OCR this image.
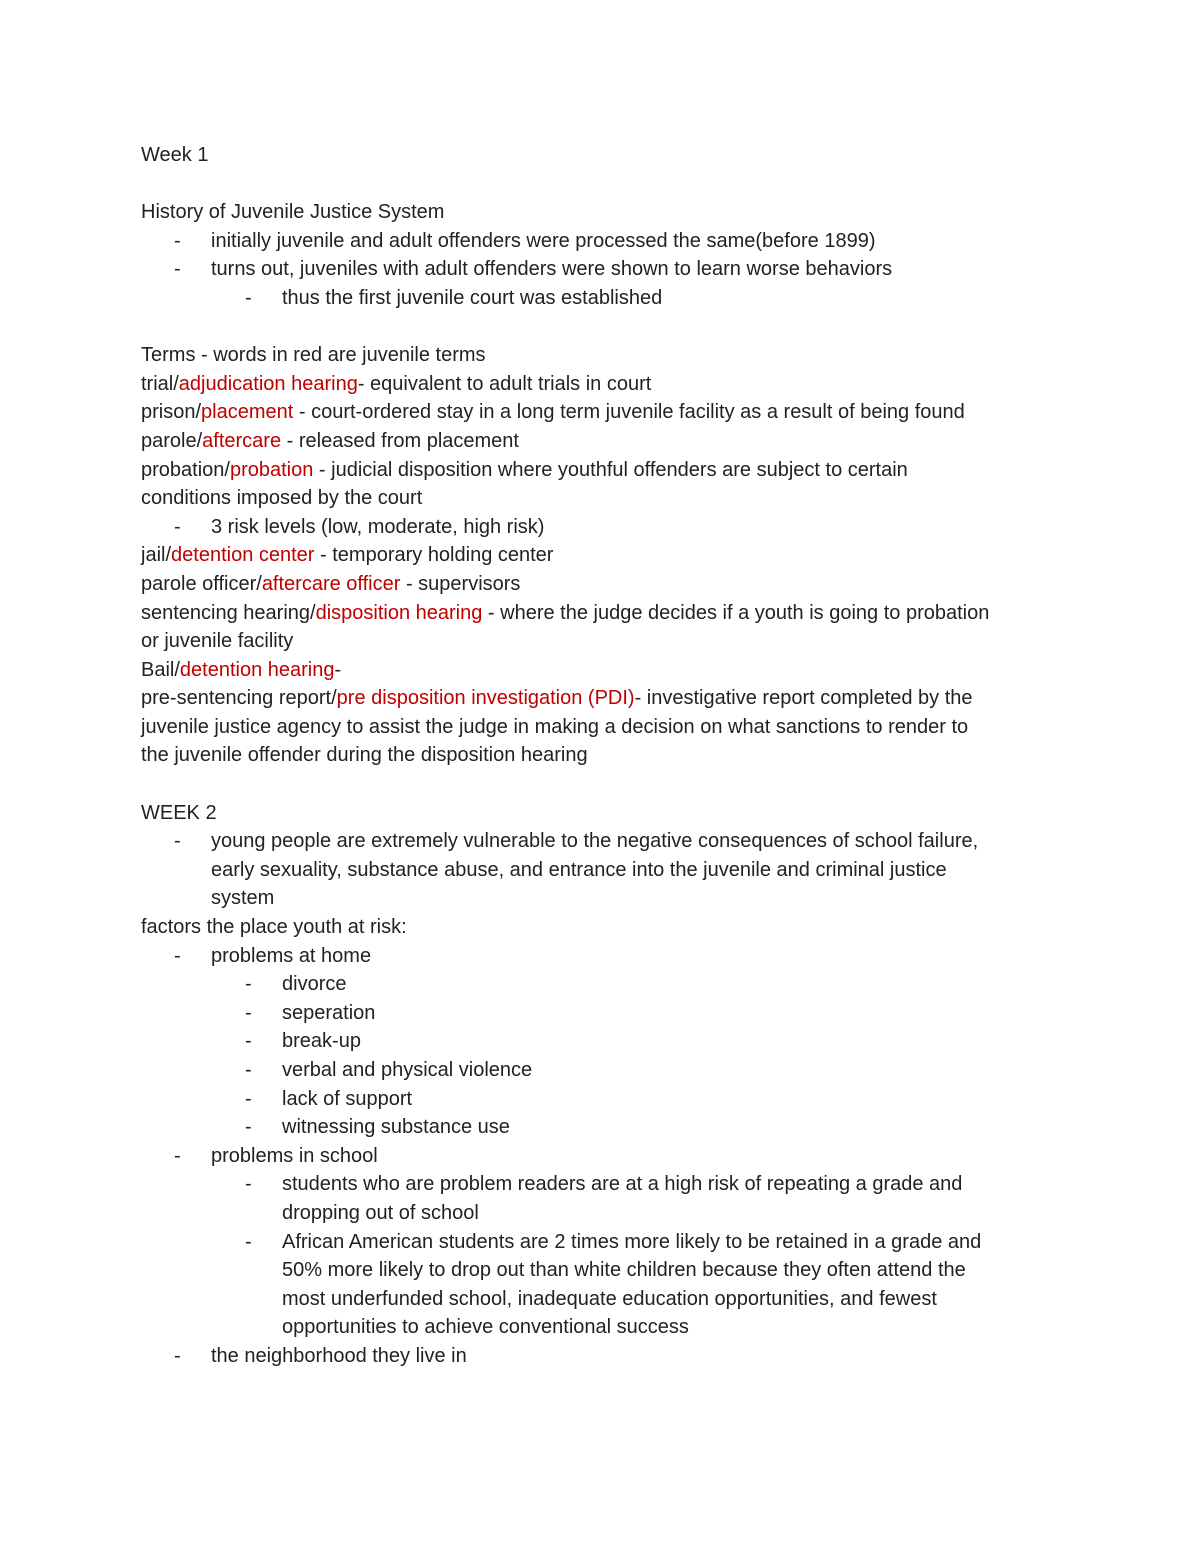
Week 1

History of Juvenile Justice System

- initially juvenile and adult offenders were processed the same(before 1899)

- turns out, juveniles with adult offenders were shown to learn worse behaviors

- thus the first juvenile court was established

Terms - words in red are juvenile terms

trial/adjudication hearing- equivalent to adult trials in court

prison/placement - court-ordered stay in a long term juvenile facility as a result of being found

parole/aftercare - released from placement

probation/probation - judicial disposition where youthful offenders are subject to certain

conditions imposed by the court

- 3 risk levels (low, moderate, high risk)

jail/detention center - temporary holding center

parole officer/aftercare officer - supervisors

sentencing hearing/disposition hearing - where the judge decides if a youth is going to probation

or juvenile facility

Bail/detention hearing-

pre-sentencing report/pre disposition investigation (PDI)- investigative report completed by the

juvenile justice agency to assist the judge in making a decision on what sanctions to render to

the juvenile offender during the disposition hearing

WEEK 2

- young people are extremely vulnerable to the negative consequences of school failure,

early sexuality, substance abuse, and entrance into the juvenile and criminal justice

system

factors the place youth at risk:

- problems at home

- divorce

- seperation

- break-up

- verbal and physical violence

- lack of support

- witnessing substance use

- problems in school

- students who are problem readers are at a high risk of repeating a grade and

dropping out of school

- African American students are 2 times more likely to be retained in a grade and

50% more likely to drop out than white children because they often attend the

most underfunded school, inadequate education opportunities, and fewest

opportunities to achieve conventional success

- the neighborhood they live in
